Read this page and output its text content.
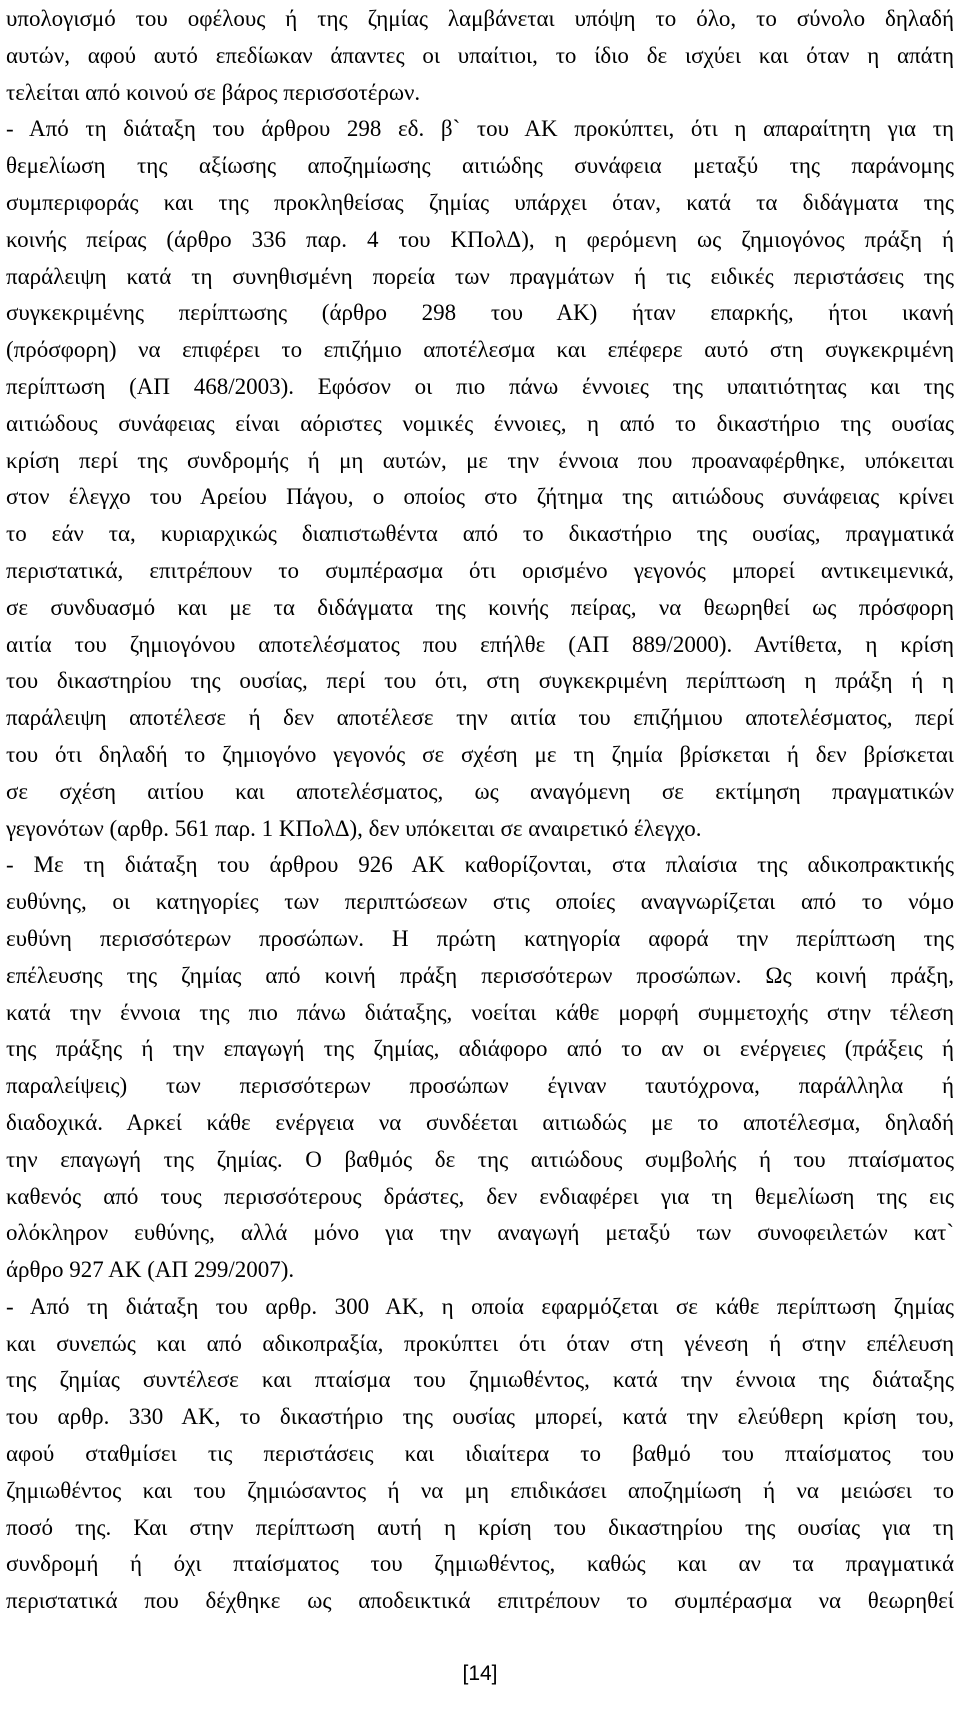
υπολογισμό του οφέλους ή της ζημίας λαμβάνεται υπόψη το όλο, το σύνολο δηλαδή
αυτών, αφού αυτό επεδίωκαν άπαντες οι υπαίτιοι, το ίδιο δε ισχύει και όταν η απάτη
τελείται από κοινού σε βάρος περισσοτέρων.
- Από τη διάταξη του άρθρου 298 εδ. β` του ΑΚ προκύπτει, ότι η απαραίτητη για τη
θεμελίωση της αξίωσης αποζημίωσης αιτιώδης συνάφεια μεταξύ της παράνομης
συμπεριφοράς και της προκληθείσας ζημίας υπάρχει όταν, κατά τα διδάγματα της
κοινής πείρας (άρθρο 336 παρ. 4 του ΚΠολΔ), η φερόμενη ως ζημιογόνος πράξη ή
παράλειψη κατά τη συνηθισμένη πορεία των πραγμάτων ή τις ειδικές περιστάσεις της
συγκεκριμένης περίπτωσης (άρθρο 298 του ΑΚ) ήταν επαρκής, ήτοι ικανή
(πρόσφορη) να επιφέρει το επιζήμιο αποτέλεσμα και επέφερε αυτό στη συγκεκριμένη
περίπτωση (ΑΠ 468/2003). Εφόσον οι πιο πάνω έννοιες της υπαιτιότητας και της
αιτιώδους συνάφειας είναι αόριστες νομικές έννοιες, η από το δικαστήριο της ουσίας
κρίση περί της συνδρομής ή μη αυτών, με την έννοια που προαναφέρθηκε, υπόκειται
στον έλεγχο του Αρείου Πάγου, ο οποίος στο ζήτημα της αιτιώδους συνάφειας κρίνει
το εάν τα, κυριαρχικώς διαπιστωθέντα από το δικαστήριο της ουσίας, πραγματικά
περιστατικά, επιτρέπουν το συμπέρασμα ότι ορισμένο γεγονός μπορεί αντικειμενικά,
σε συνδυασμό και με τα διδάγματα της κοινής πείρας, να θεωρηθεί ως πρόσφορη
αιτία του ζημιογόνου αποτελέσματος που επήλθε (ΑΠ 889/2000). Αντίθετα, η κρίση
του δικαστηρίου της ουσίας, περί του ότι, στη συγκεκριμένη περίπτωση η πράξη ή η
παράλειψη αποτέλεσε ή δεν αποτέλεσε την αιτία του επιζήμιου αποτελέσματος, περί
του ότι δηλαδή το ζημιογόνο γεγονός σε σχέση με τη ζημία βρίσκεται ή δεν βρίσκεται
σε σχέση αιτίου και αποτελέσματος, ως αναγόμενη σε εκτίμηση πραγματικών
γεγονότων (αρθρ. 561 παρ. 1 ΚΠολΔ), δεν υπόκειται σε αναιρετικό έλεγχο.
- Με τη διάταξη του άρθρου 926 ΑΚ καθορίζονται, στα πλαίσια της αδικοπρακτικής
ευθύνης, οι κατηγορίες των περιπτώσεων στις οποίες αναγνωρίζεται από το νόμο
ευθύνη περισσότερων προσώπων. Η πρώτη κατηγορία αφορά την περίπτωση της
επέλευσης της ζημίας από κοινή πράξη περισσότερων προσώπων. Ως κοινή πράξη,
κατά την έννοια της πιο πάνω διάταξης, νοείται κάθε μορφή συμμετοχής στην τέλεση
της πράξης ή την επαγωγή της ζημίας, αδιάφορο από το αν οι ενέργειες (πράξεις ή
παραλείψεις) των περισσότερων προσώπων έγιναν ταυτόχρονα, παράλληλα ή
διαδοχικά. Αρκεί κάθε ενέργεια να συνδέεται αιτιωδώς με το αποτέλεσμα, δηλαδή
την επαγωγή της ζημίας. Ο βαθμός δε της αιτιώδους συμβολής ή του πταίσματος
καθενός από τους περισσότερους δράστες, δεν ενδιαφέρει για τη θεμελίωση της εις
ολόκληρον ευθύνης, αλλά μόνο για την αναγωγή μεταξύ των συνοφειλετών κατ`
άρθρο 927 ΑΚ (ΑΠ 299/2007).
- Από τη διάταξη του αρθρ. 300 ΑΚ, η οποία εφαρμόζεται σε κάθε περίπτωση ζημίας
και συνεπώς και από αδικοπραξία, προκύπτει ότι όταν στη γένεση ή στην επέλευση
της ζημίας συντέλεσε και πταίσμα του ζημιωθέντος, κατά την έννοια της διάταξης
του αρθρ. 330 ΑΚ, το δικαστήριο της ουσίας μπορεί, κατά την ελεύθερη κρίση του,
αφού σταθμίσει τις περιστάσεις και ιδιαίτερα το βαθμό του πταίσματος του
ζημιωθέντος και του ζημιώσαντος ή να μη επιδικάσει αποζημίωση ή να μειώσει το
ποσό της. Και στην περίπτωση αυτή η κρίση του δικαστηρίου της ουσίας για τη
συνδρομή ή όχι πταίσματος του ζημιωθέντος, καθώς και αν τα πραγματικά
περιστατικά που δέχθηκε ως αποδεικτικά επιτρέπουν το συμπέρασμα να θεωρηθεί
[14]
